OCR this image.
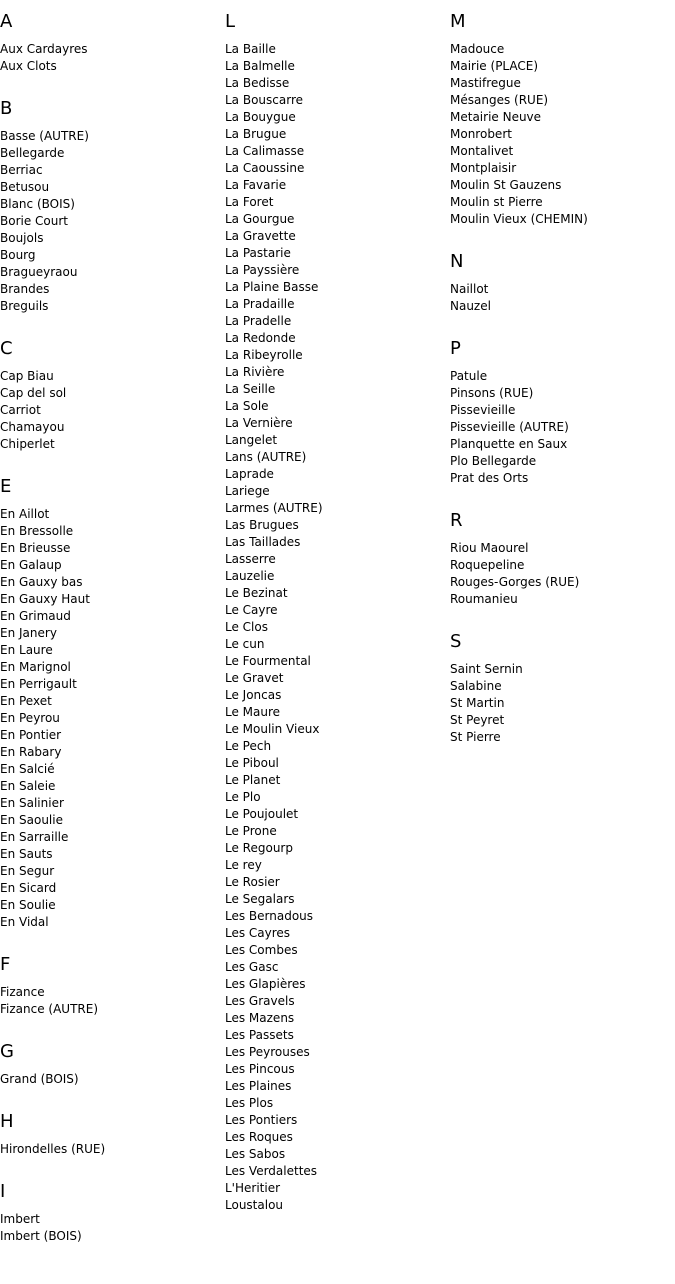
A
Aux Cardayres
Aux Clots
B
Basse (AUTRE)
Bellegarde
Berriac
Betusou
Blanc (BOIS)
Borie Court
Boujols
Bourg
Bragueyraou
Brandes
Breguils
C
Cap Biau
Cap del sol
Carriot
Chamayou
Chiperlet
E
En Aillot
En Bressolle
En Brieusse
En Galaup
En Gauxy bas
En Gauxy Haut
En Grimaud
En Janery
En Laure
En Marignol
En Perrigault
En Pexet
En Peyrou
En Pontier
En Rabary
En Salcié
En Saleie
En Salinier
En Saoulie
En Sarraille
En Sauts
En Segur
En Sicard
En Soulie
En Vidal
F
Fizance
Fizance (AUTRE)
G
Grand (BOIS)
H
Hirondelles (RUE)
I
Imbert
Imbert (BOIS)
L
La Baille
La Balmelle
La Bedisse
La Bouscarre
La Bouygue
La Brugue
La Calimasse
La Caoussine
La Favarie
La Foret
La Gourgue
La Gravette
La Pastarie
La Payssière
La Plaine Basse
La Pradaille
La Pradelle
La Redonde
La Ribeyrolle
La Rivière
La Seille
La Sole
La Vernière
Langelet
Lans (AUTRE)
Laprade
Lariege
Larmes (AUTRE)
Las Brugues
Las Taillades
Lasserre
Lauzelie
Le Bezinat
Le Cayre
Le Clos
Le cun
Le Fourmental
Le Gravet
Le Joncas
Le Maure
Le Moulin Vieux
Le Pech
Le Piboul
Le Planet
Le Plo
Le Poujoulet
Le Prone
Le Regourp
Le rey
Le Rosier
Le Segalars
Les Bernadous
Les Cayres
Les Combes
Les Gasc
Les Glapières
Les Gravels
Les Mazens
Les Passets
Les Peyrouses
Les Pincous
Les Plaines
Les Plos
Les Pontiers
Les Roques
Les Sabos
Les Verdalettes
L'Heritier
Loustalou
M
Madouce
Mairie (PLACE)
Mastifregue
Mésanges (RUE)
Metairie Neuve
Monrobert
Montalivet
Montplaisir
Moulin St Gauzens
Moulin st Pierre
Moulin Vieux (CHEMIN)
N
Naillot
Nauzel
P
Patule
Pinsons (RUE)
Pissevieille
Pissevieille (AUTRE)
Planquette en Saux
Plo Bellegarde
Prat des Orts
R
Riou Maourel
Roquepeline
Rouges-Gorges (RUE)
Roumanieu
S
Saint Sernin
Salabine
St Martin
St Peyret
St Pierre
